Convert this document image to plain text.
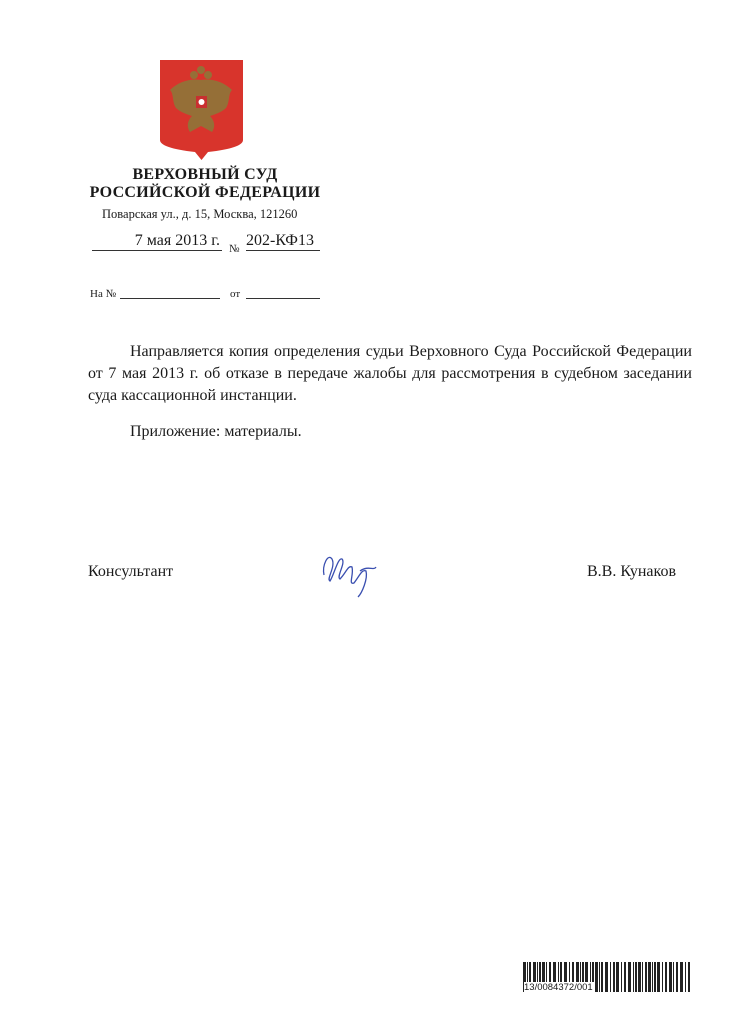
ВЕРХОВНЫЙ СУД
РОССИЙСКОЙ ФЕДЕРАЦИИ
Поварская ул., д. 15, Москва, 121260
7 мая 2013 г. № 202-КФ13
На №	от

Направляется копия определения судьи Верховного Суда Российской Федерации от 7 мая 2013 г. об отказе в передаче жалобы для рассмотрения в судебном заседании суда кассационной инстанции.

Приложение: материалы.
Консультант	В.В. Кунаков
13/0084372/001
